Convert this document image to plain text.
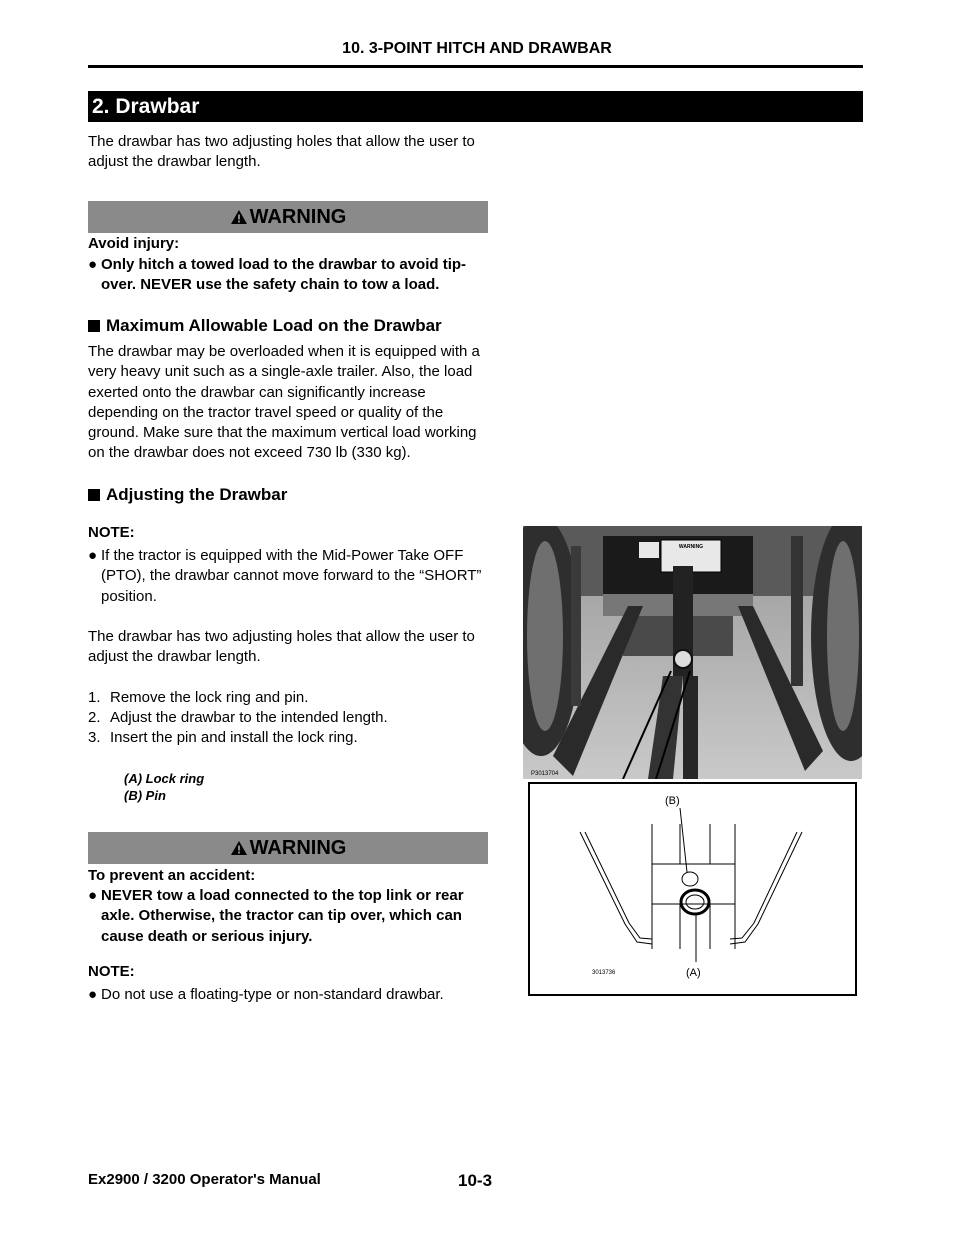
10. 3-POINT HITCH AND DRAWBAR
2. Drawbar
The drawbar has two adjusting holes that allow the user to adjust the drawbar length.
WARNING
Avoid injury:
● Only hitch a towed load to the drawbar to avoid tip-over. NEVER use the safety chain to tow a load.
Maximum Allowable Load on the Drawbar
The drawbar may be overloaded when it is equipped with a very heavy unit such as a single-axle trailer. Also, the load exerted onto the drawbar can significantly increase depending on the tractor travel speed or quality of the ground. Make sure that the maximum vertical load working on the drawbar does not exceed 730 lb (330 kg).
Adjusting the Drawbar
NOTE:
● If the tractor is equipped with the Mid-Power Take OFF (PTO), the drawbar cannot move forward to the “SHORT” position.
The drawbar has two adjusting holes that allow the user to adjust the drawbar length.
1. Remove the lock ring and pin.
2. Adjust the drawbar to the intended length.
3. Insert the pin and install the lock ring.
(A) Lock ring
(B) Pin
WARNING
To prevent an accident:
● NEVER tow a load connected to the top link or rear axle. Otherwise, the tractor can tip over, which can cause death or serious injury.
NOTE:
● Do not use a floating-type or non-standard drawbar.
WARNING
P3013704
(B)
(A)
3013736
Ex2900 / 3200 Operator's Manual	10-3
